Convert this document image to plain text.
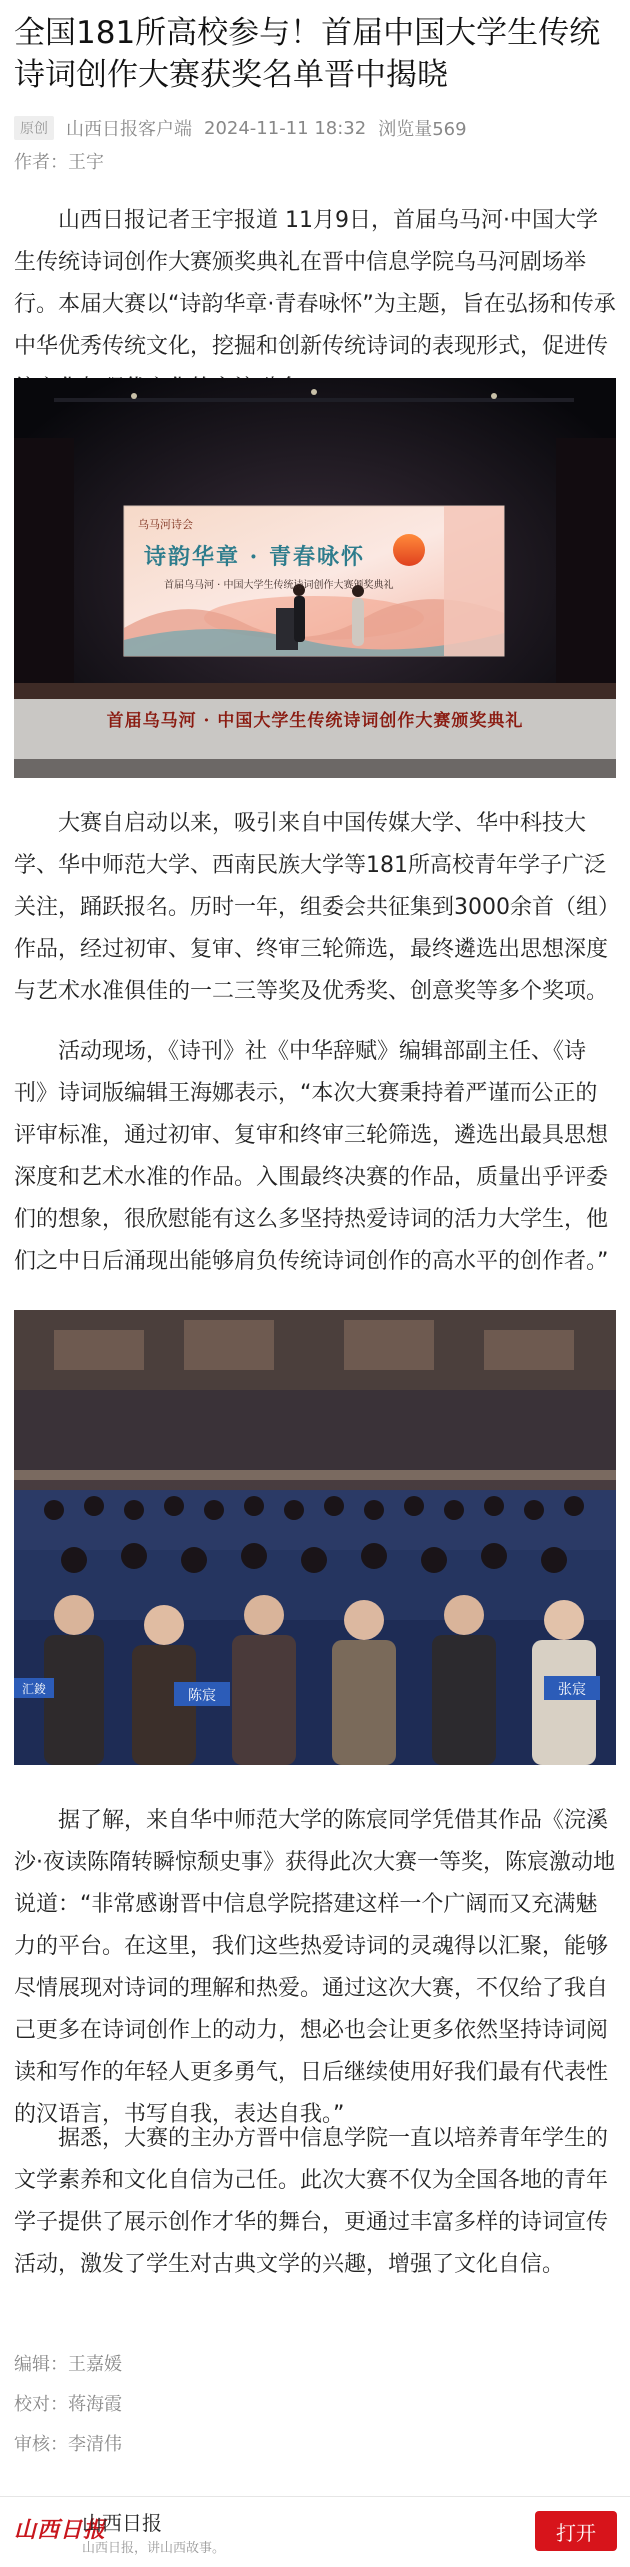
全国181所高校参与！首届中国大学生传统诗词创作大赛获奖名单晋中揭晓
原创	山西日报客户端 2024-11-11 18:32 浏览量569
作者：王宇

山西日报记者王宇报道 11月9日，首届乌马河·中国大学生传统诗词创作大赛颁奖典礼在晋中信息学院乌马河剧场举行。本届大赛以“诗韵华章·青春咏怀”为主题，旨在弘扬和传承中华优秀传统文化，挖掘和创新传统诗词的表现形式，促进传

乌马河诗会
诗韵华章 · 青春咏怀
首届乌马河 · 中国大学生传统诗词创作大赛颁奖典礼
首届乌马河 · 中国大学生传统诗词创作大赛颁奖典礼

大赛自启动以来，吸引来自中国传媒大学、华中科技大学、华中师范大学、西南民族大学等181所高校青年学子广泛关注，踊跃报名。历时一年，组委会共征集到3000余首（组）作品，经过初审、复审、终审三轮筛选，最终遴选出思想深度与艺术水准俱佳的一二三等奖及优秀奖、创意奖等多个奖项。

活动现场，《诗刊》社《中华辞赋》编辑部副主任、《诗刊》诗词版编辑王海娜表示，“本次大赛秉持着严谨而公正的评审标准，通过初审、复审和终审三轮筛选，遴选出最具思想深度和艺术水准的作品。入围最终决赛的作品，质量出乎评委们的想象，很欣慰能有这么多坚持热爱诗词的活力大学生，他们之中日后涌现出能够肩负传统诗词创作的高水平的创作者。”

汇鋑	陈宸	张宸

据了解，来自华中师范大学的陈宸同学凭借其作品《浣溪沙·夜读陈隋转瞬惊颓史事》获得此次大赛一等奖，陈宸激动地说道：“非常感谢晋中信息学院搭建这样一个广阔而又充满魅力的平台。在这里，我们这些热爱诗词的灵魂得以汇聚，能够尽情展现对诗词的理解和热爱。通过这次大赛，不仅给了我自己更多在诗词创作上的动力，想必也会让更多依然坚持诗词阅读和写作的年轻人更多勇气，日后继续使用好我们最有代表性的汉语言，书写自我，表达自我。”

据悉，大赛的主办方晋中信息学院一直以培养青年学生的文学素养和文化自信为己任。此次大赛不仅为全国各地的青年学子提供了展示创作才华的舞台，更通过丰富多样的诗词宣传活动，激发了学生对古典文学的兴趣，增强了文化自信。

编辑：王嘉媛
校对：蒋海霞
审核：李清伟
山西日报
山西日报
山西日报，讲山西故事。
打开
